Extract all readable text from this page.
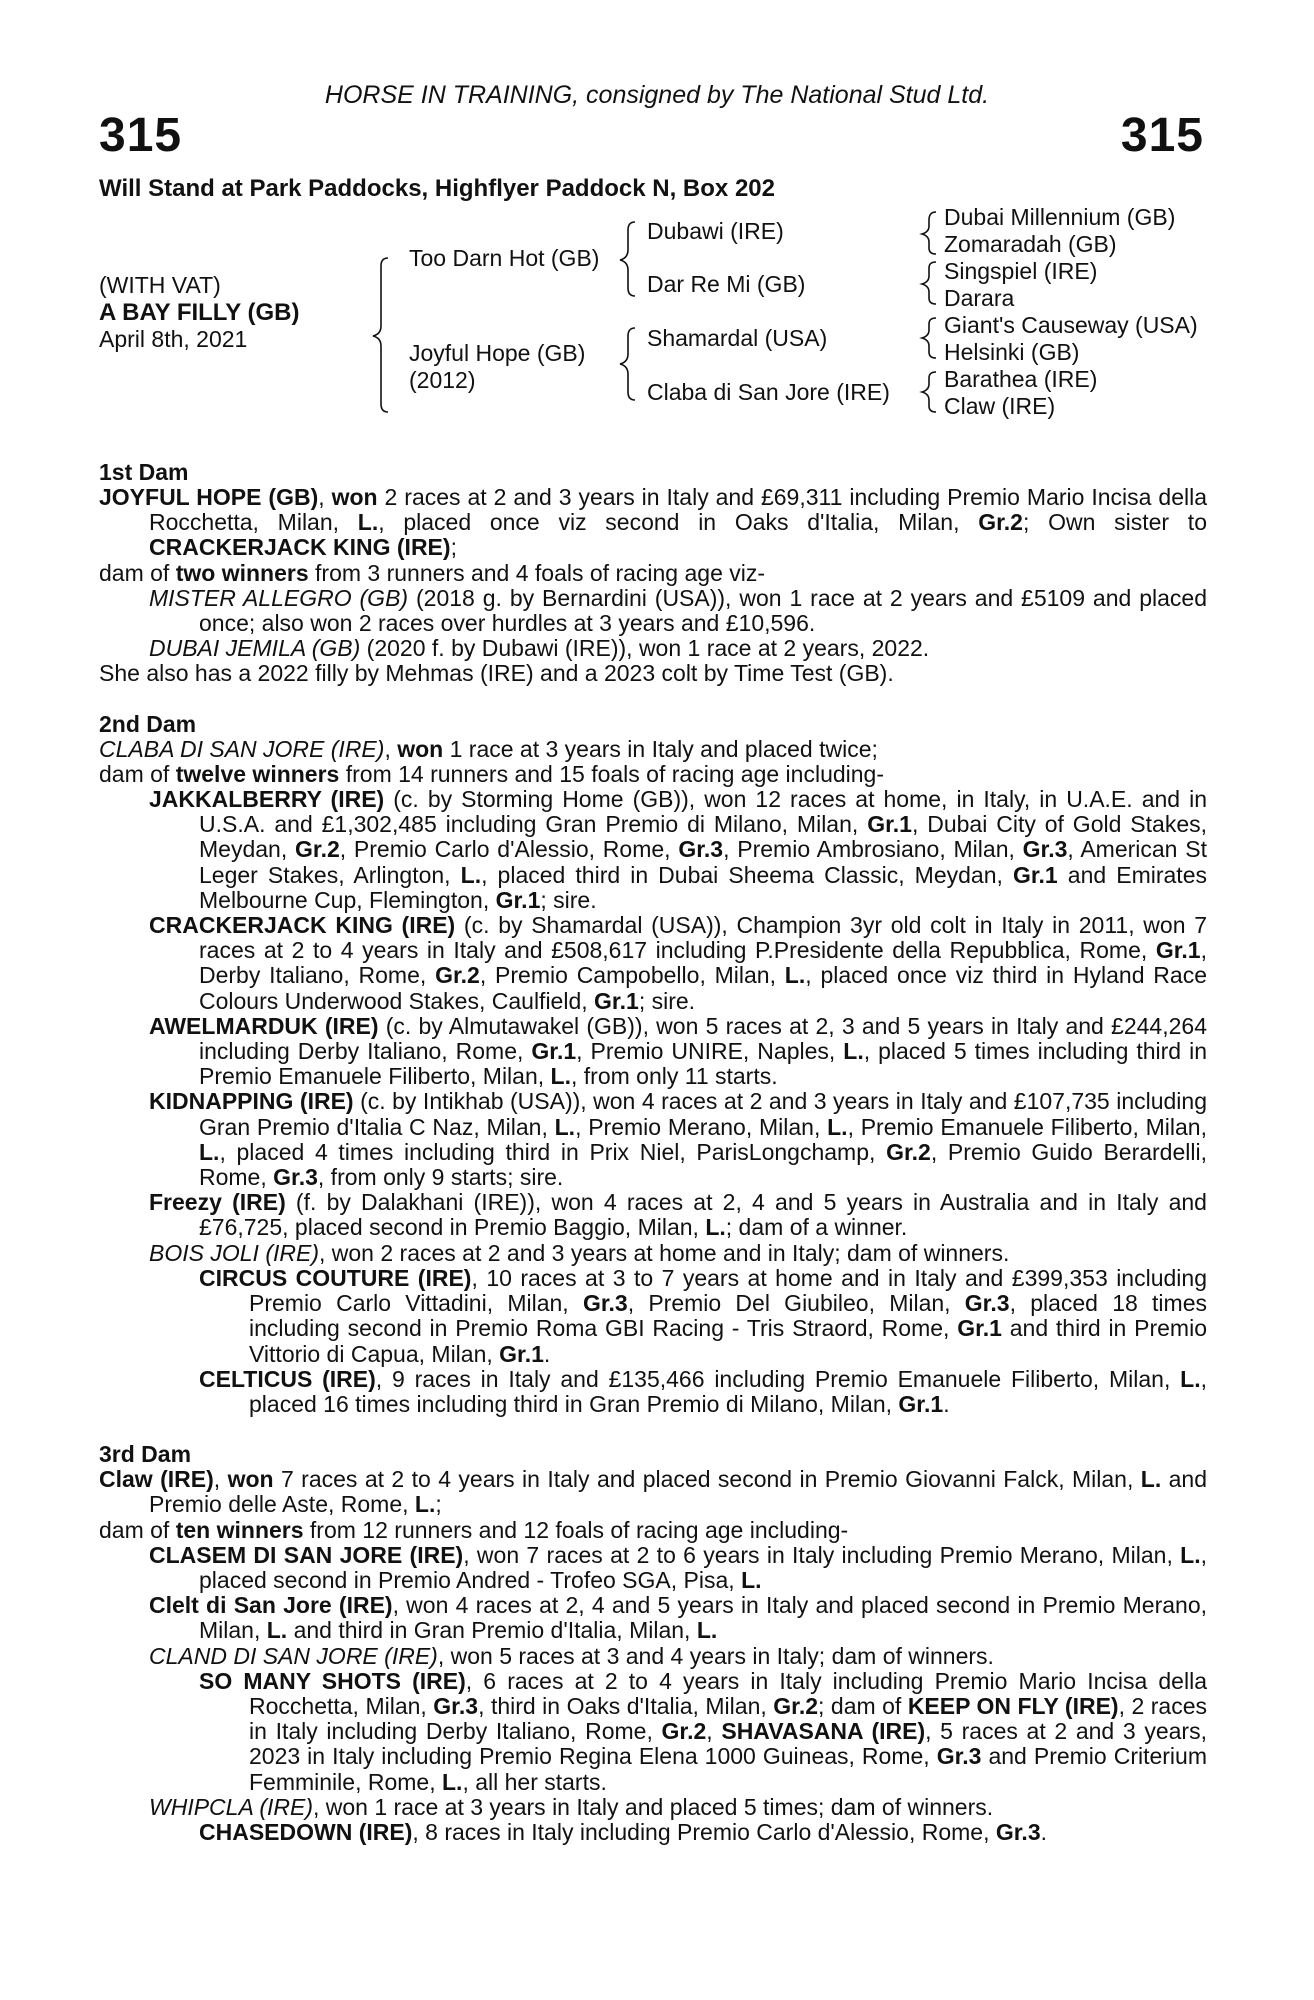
HORSE IN TRAINING, consigned by The National Stud Ltd.
315	315
Will Stand at Park Paddocks, Highflyer Paddock N, Box 202
(WITH VAT)
A BAY FILLY (GB)
April 8th, 2021
Too Darn Hot (GB)
Joyful Hope (GB)
(2012)
Dubawi (IRE)
Dar Re Mi (GB)
Shamardal (USA)
Claba di San Jore (IRE)
Dubai Millennium (GB)
Zomaradah (GB)
Singspiel (IRE)
Darara
Giant's Causeway (USA)
Helsinki (GB)
Barathea (IRE)
Claw (IRE)

1st Dam

JOYFUL HOPE (GB), won 2 races at 2 and 3 years in Italy and £69,311 including Premio Mario Incisa della Rocchetta, Milan, L., placed once viz second in Oaks d'Italia, Milan, Gr.2; Own sister to CRACKERJACK KING (IRE);

dam of two winners from 3 runners and 4 foals of racing age viz-

MISTER ALLEGRO (GB) (2018 g. by Bernardini (USA)), won 1 race at 2 years and £5109 and placed once; also won 2 races over hurdles at 3 years and £10,596.

DUBAI JEMILA (GB) (2020 f. by Dubawi (IRE)), won 1 race at 2 years, 2022.

She also has a 2022 filly by Mehmas (IRE) and a 2023 colt by Time Test (GB).

2nd Dam

CLABA DI SAN JORE (IRE), won 1 race at 3 years in Italy and placed twice;

dam of twelve winners from 14 runners and 15 foals of racing age including-

JAKKALBERRY (IRE) (c. by Storming Home (GB)), won 12 races at home, in Italy, in U.A.E. and in U.S.A. and £1,302,485 including Gran Premio di Milano, Milan, Gr.1, Dubai City of Gold Stakes, Meydan, Gr.2, Premio Carlo d'Alessio, Rome, Gr.3, Premio Ambrosiano, Milan, Gr.3, American St Leger Stakes, Arlington, L., placed third in Dubai Sheema Classic, Meydan, Gr.1 and Emirates Melbourne Cup, Flemington, Gr.1; sire.

CRACKERJACK KING (IRE) (c. by Shamardal (USA)), Champion 3yr old colt in Italy in 2011, won 7 races at 2 to 4 years in Italy and £508,617 including P.Presidente della Repubblica, Rome, Gr.1, Derby Italiano, Rome, Gr.2, Premio Campobello, Milan, L., placed once viz third in Hyland Race Colours Underwood Stakes, Caulfield, Gr.1; sire.

AWELMARDUK (IRE) (c. by Almutawakel (GB)), won 5 races at 2, 3 and 5 years in Italy and £244,264 including Derby Italiano, Rome, Gr.1, Premio UNIRE, Naples, L., placed 5 times including third in Premio Emanuele Filiberto, Milan, L., from only 11 starts.

KIDNAPPING (IRE) (c. by Intikhab (USA)), won 4 races at 2 and 3 years in Italy and £107,735 including Gran Premio d'Italia C Naz, Milan, L., Premio Merano, Milan, L., Premio Emanuele Filiberto, Milan, L., placed 4 times including third in Prix Niel, ParisLongchamp, Gr.2, Premio Guido Berardelli, Rome, Gr.3, from only 9 starts; sire.

Freezy (IRE) (f. by Dalakhani (IRE)), won 4 races at 2, 4 and 5 years in Australia and in Italy and £76,725, placed second in Premio Baggio, Milan, L.; dam of a winner.

BOIS JOLI (IRE), won 2 races at 2 and 3 years at home and in Italy; dam of winners.

CIRCUS COUTURE (IRE), 10 races at 3 to 7 years at home and in Italy and £399,353 including Premio Carlo Vittadini, Milan, Gr.3, Premio Del Giubileo, Milan, Gr.3, placed 18 times including second in Premio Roma GBI Racing - Tris Straord, Rome, Gr.1 and third in Premio Vittorio di Capua, Milan, Gr.1.

CELTICUS (IRE), 9 races in Italy and £135,466 including Premio Emanuele Filiberto, Milan, L., placed 16 times including third in Gran Premio di Milano, Milan, Gr.1.

3rd Dam

Claw (IRE), won 7 races at 2 to 4 years in Italy and placed second in Premio Giovanni Falck, Milan, L. and Premio delle Aste, Rome, L.;

dam of ten winners from 12 runners and 12 foals of racing age including-

CLASEM DI SAN JORE (IRE), won 7 races at 2 to 6 years in Italy including Premio Merano, Milan, L., placed second in Premio Andred - Trofeo SGA, Pisa, L.

Clelt di San Jore (IRE), won 4 races at 2, 4 and 5 years in Italy and placed second in Premio Merano, Milan, L. and third in Gran Premio d'Italia, Milan, L.

CLAND DI SAN JORE (IRE), won 5 races at 3 and 4 years in Italy; dam of winners.

SO MANY SHOTS (IRE), 6 races at 2 to 4 years in Italy including Premio Mario Incisa della Rocchetta, Milan, Gr.3, third in Oaks d'Italia, Milan, Gr.2; dam of KEEP ON FLY (IRE), 2 races in Italy including Derby Italiano, Rome, Gr.2, SHAVASANA (IRE), 5 races at 2 and 3 years, 2023 in Italy including Premio Regina Elena 1000 Guineas, Rome, Gr.3 and Premio Criterium Femminile, Rome, L., all her starts.

WHIPCLA (IRE), won 1 race at 3 years in Italy and placed 5 times; dam of winners.

CHASEDOWN (IRE), 8 races in Italy including Premio Carlo d'Alessio, Rome, Gr.3.
